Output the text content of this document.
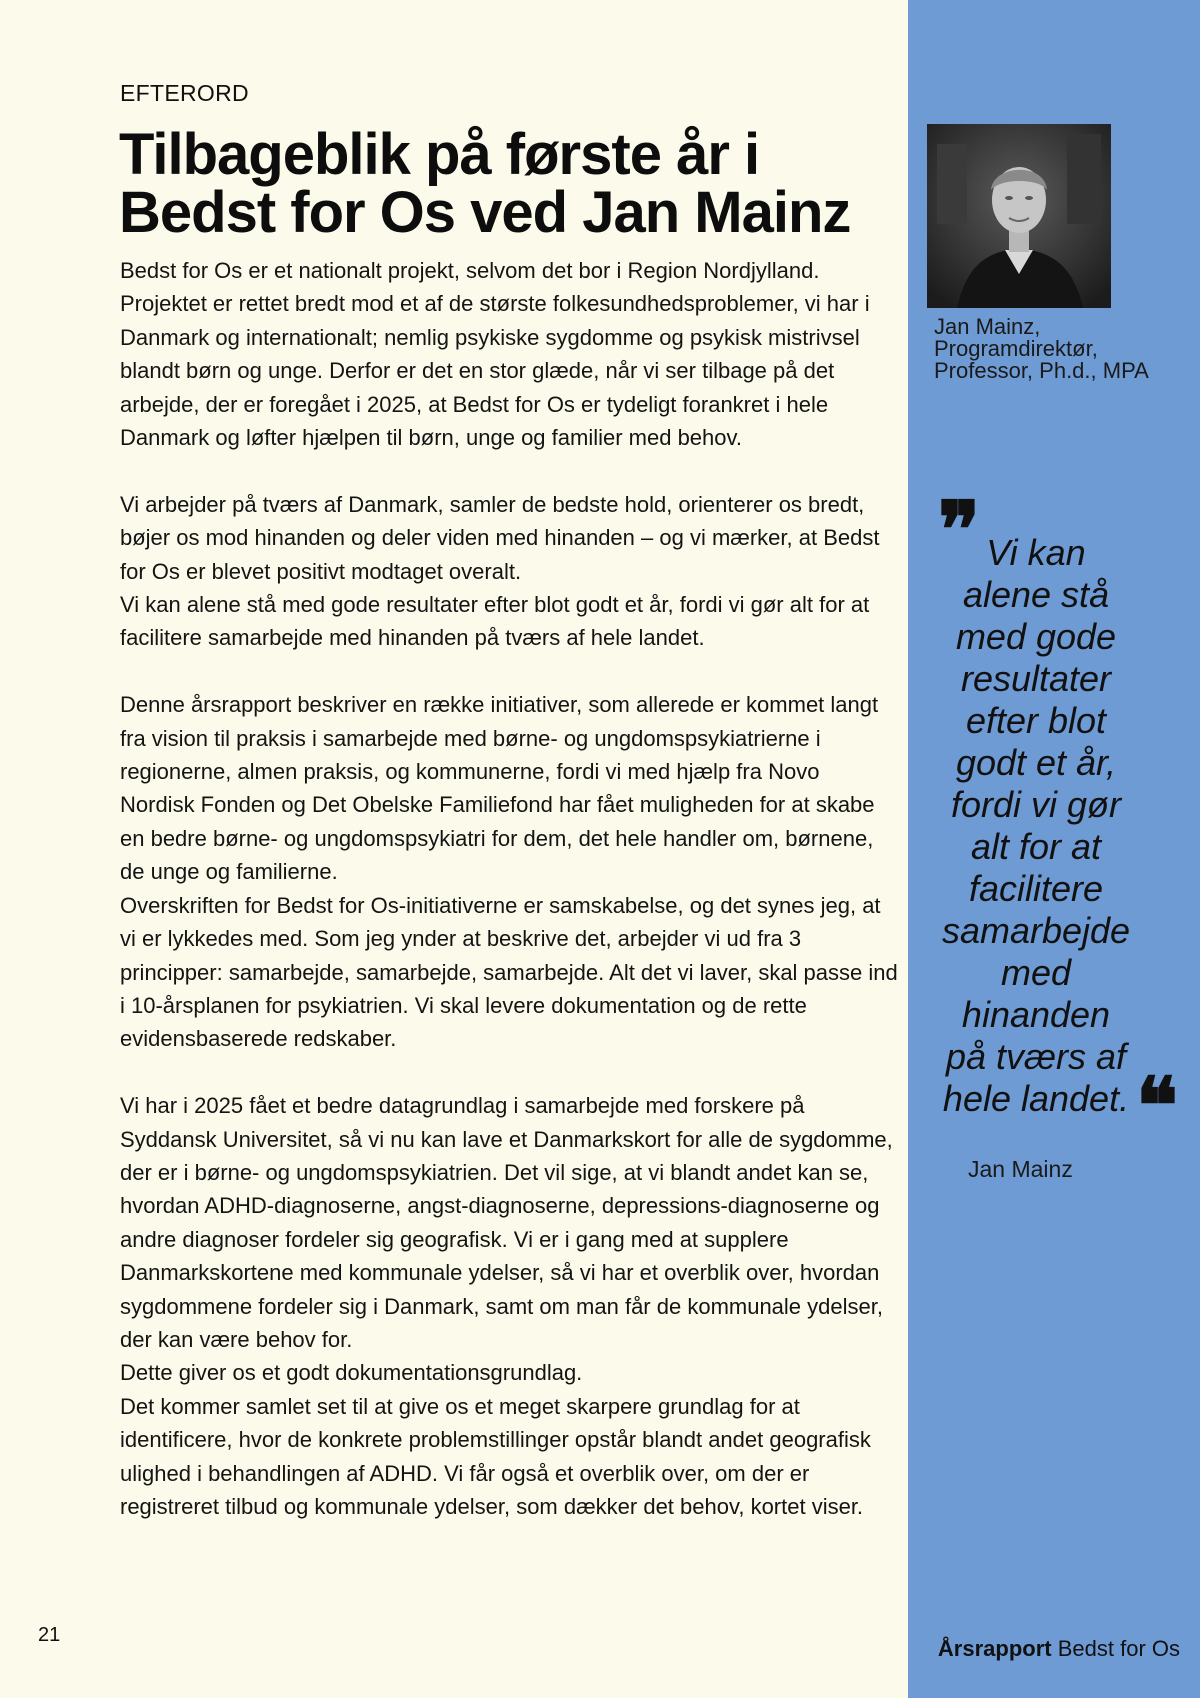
EFTERORD
Tilbageblik på første år i
Bedst for Os ved Jan Mainz

Bedst for Os er et nationalt projekt, selvom det bor i Region Nordjylland. Projektet er rettet bredt mod et af de største folkesundhedsproblemer, vi har i Danmark og internationalt; nemlig psykiske sygdomme og psykisk mistrivsel blandt børn og unge. Derfor er det en stor glæde, når vi ser tilbage på det arbejde, der er foregået i 2025, at Bedst for Os er tydeligt forankret i hele Danmark og løfter hjælpen til børn, unge og familier med behov.

Vi arbejder på tværs af Danmark, samler de bedste hold, orienterer os bredt, bøjer os mod hinanden og deler viden med hinanden – og vi mærker, at Bedst for Os er blevet positivt modtaget overalt.
Vi kan alene stå med gode resultater efter blot godt et år, fordi vi gør alt for at facilitere samarbejde med hinanden på tværs af hele landet.

Denne årsrapport beskriver en række initiativer, som allerede er kommet langt fra vision til praksis i samarbejde med børne- og ungdomspsykiatrierne i regionerne, almen praksis, og kommunerne, fordi vi med hjælp fra Novo Nordisk Fonden og Det Obelske Familiefond har fået muligheden for at skabe en bedre børne- og ungdomspsykiatri for dem, det hele handler om, børnene, de unge og familierne.
Overskriften for Bedst for Os-initiativerne er samskabelse, og det synes jeg, at vi er lykkedes med. Som jeg ynder at beskrive det, arbejder vi ud fra 3 principper: samarbejde, samarbejde, samarbejde. Alt det vi laver, skal passe ind i 10-årsplanen for psykiatrien. Vi skal levere dokumentation og de rette evidensbaserede redskaber.

Vi har i 2025 fået et bedre datagrundlag i samarbejde med forskere på Syddansk Universitet, så vi nu kan lave et Danmarkskort for alle de sygdomme, der er i børne- og ungdomspsykiatrien. Det vil sige, at vi blandt andet kan se, hvordan ADHD-diagnoserne, angst-diagnoserne, depressions-diagnoserne og andre diagnoser fordeler sig geografisk. Vi er i gang med at supplere Danmarkskortene med kommunale ydelser, så vi har et overblik over, hvordan sygdommene fordeler sig i Danmark, samt om man får de kommunale ydelser, der kan være behov for.
Dette giver os et godt dokumentationsgrundlag.
Det kommer samlet set til at give os et meget skarpere grundlag for at identificere, hvor de konkrete problemstillinger opstår blandt andet geografisk ulighed i behandlingen af ADHD. Vi får også et overblik over, om der er registreret tilbud og kommunale ydelser, som dækker det behov, kortet viser.

21
Jan Mainz,
Programdirektør,
Professor, Ph.d., MPA
❞ Vi kan
alene stå
med gode
resultater
efter blot
godt et år,
fordi vi gør
alt for at
facilitere
samarbejde
med
hinanden
på tværs af
hele landet. ❝
Jan Mainz
Årsrapport Bedst for Os
